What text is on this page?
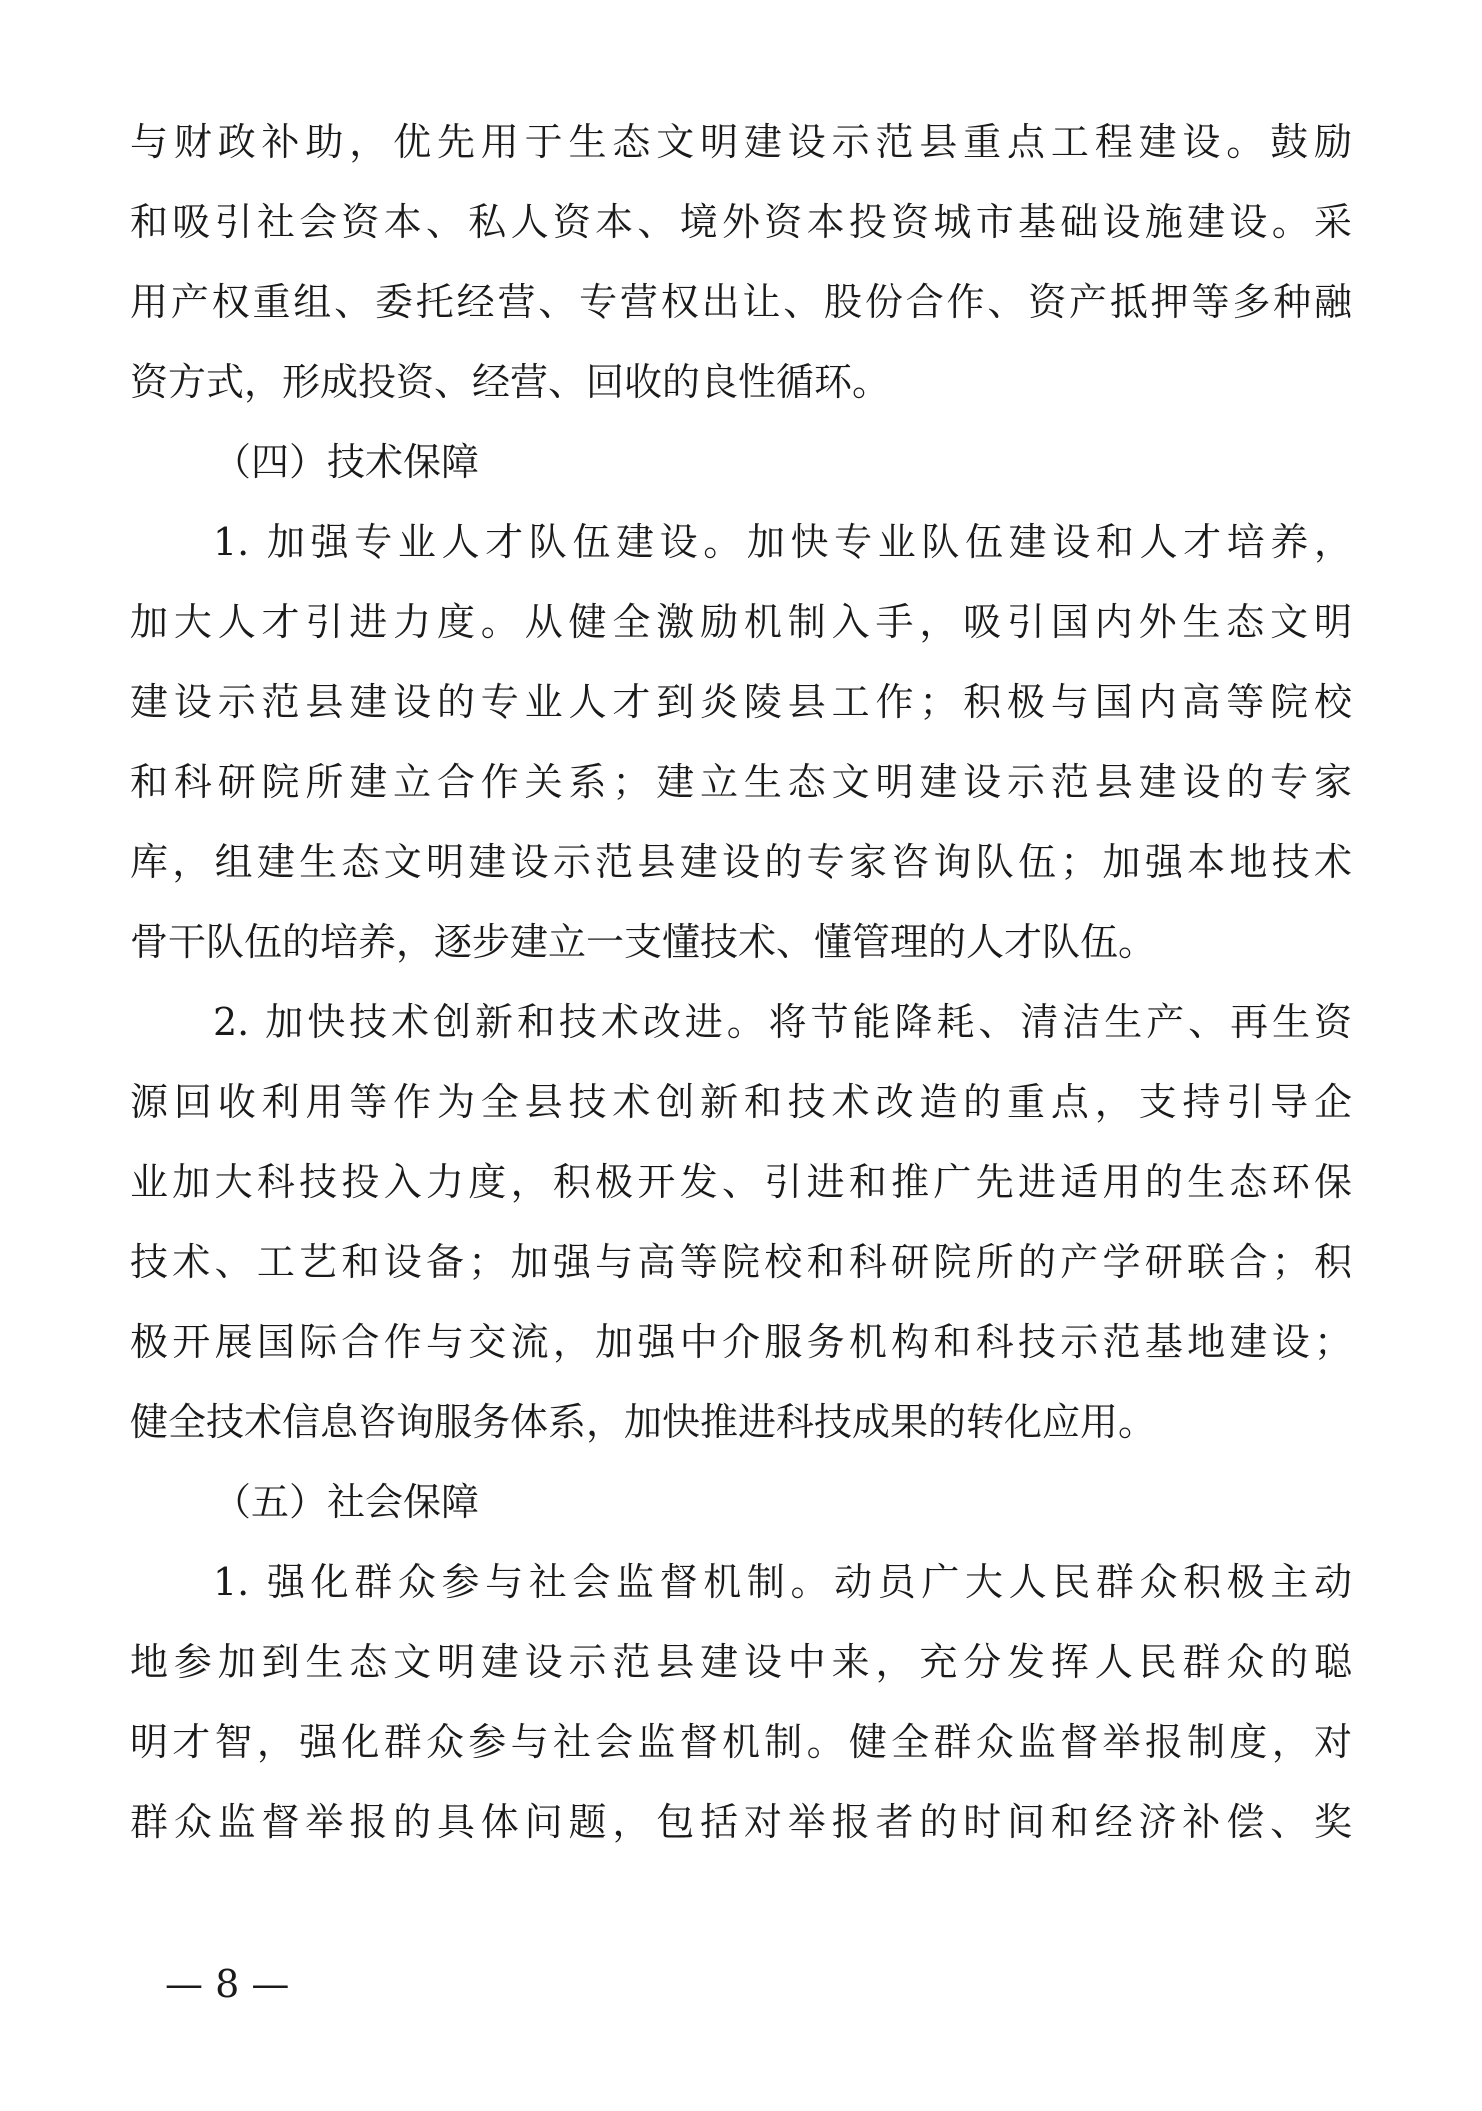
与财政补助，优先用于生态文明建设示范县重点工程建设。鼓励
和吸引社会资本、私人资本、境外资本投资城市基础设施建设。采
用产权重组、委托经营、专营权出让、股份合作、资产抵押等多种融
资方式，形成投资、经营、回收的良性循环。
（四）技术保障
1. 加强专业人才队伍建设。加快专业队伍建设和人才培养，
加大人才引进力度。从健全激励机制入手，吸引国内外生态文明
建设示范县建设的专业人才到炎陵县工作；积极与国内高等院校
和科研院所建立合作关系；建立生态文明建设示范县建设的专家
库，组建生态文明建设示范县建设的专家咨询队伍；加强本地技术
骨干队伍的培养，逐步建立一支懂技术、懂管理的人才队伍。
2. 加快技术创新和技术改进。将节能降耗、清洁生产、再生资
源回收利用等作为全县技术创新和技术改造的重点，支持引导企
业加大科技投入力度，积极开发、引进和推广先进适用的生态环保
技术、工艺和设备；加强与高等院校和科研院所的产学研联合；积
极开展国际合作与交流，加强中介服务机构和科技示范基地建设；
健全技术信息咨询服务体系，加快推进科技成果的转化应用。
（五）社会保障
1. 强化群众参与社会监督机制。动员广大人民群众积极主动
地参加到生态文明建设示范县建设中来，充分发挥人民群众的聪
明才智，强化群众参与社会监督机制。健全群众监督举报制度，对
群众监督举报的具体问题，包括对举报者的时间和经济补偿、奖
— 8 —
